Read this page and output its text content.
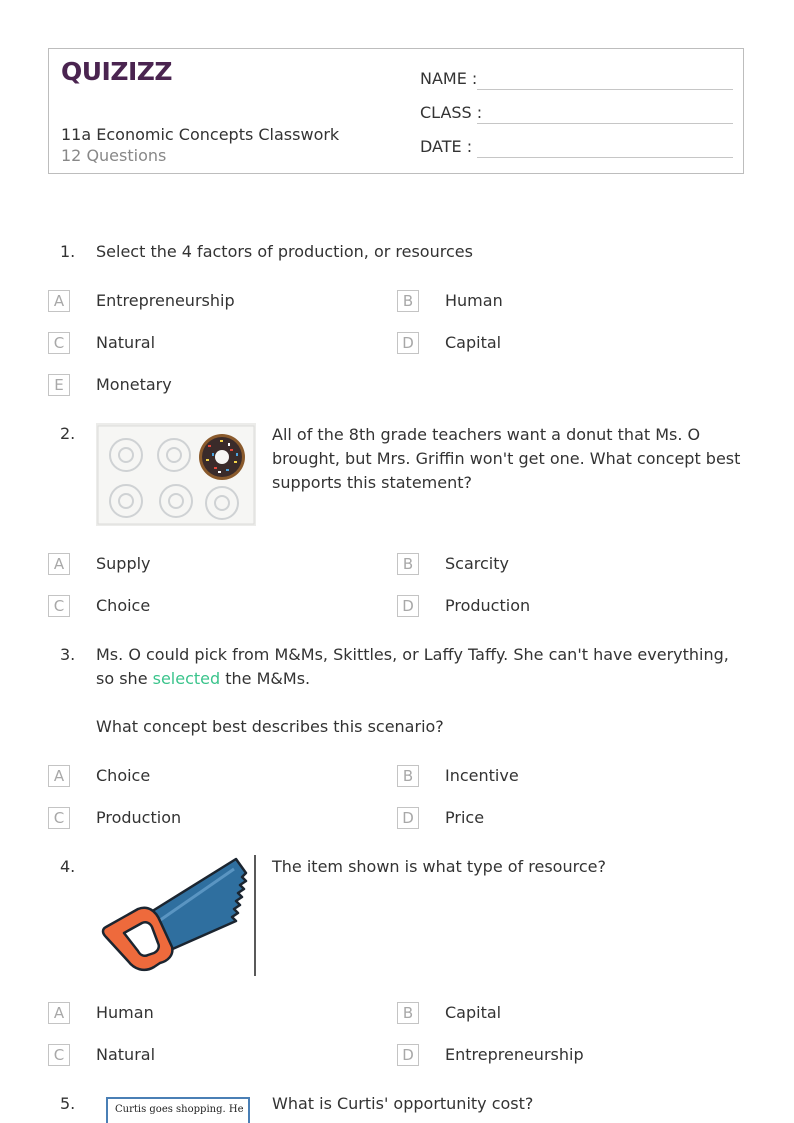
QUIZIZZ
11a Economic Concepts Classwork
12 Questions
NAME :
CLASS :
DATE :
1. Select the 4 factors of production, or resources
A	Entrepreneurship	B	Human
C	Natural	D	Capital
E	Monetary
2.	All of the 8th grade teachers want a donut that Ms. O brought, but Mrs. Griffin won't get one. What concept best supports this statement?
A	Supply	B	Scarcity
C	Choice	D	Production
3. Ms. O could pick from M&Ms, Skittles, or Laffy Taffy. She can't have everything, so she selected the M&Ms.
What concept best describes this scenario?
A	Choice	B	Incentive
C	Production	D	Price
4.	The item shown is what type of resource?
A	Human	B	Capital
C	Natural	D	Entrepreneurship
5.	Curtis goes shopping. He What is Curtis' opportunity cost?
